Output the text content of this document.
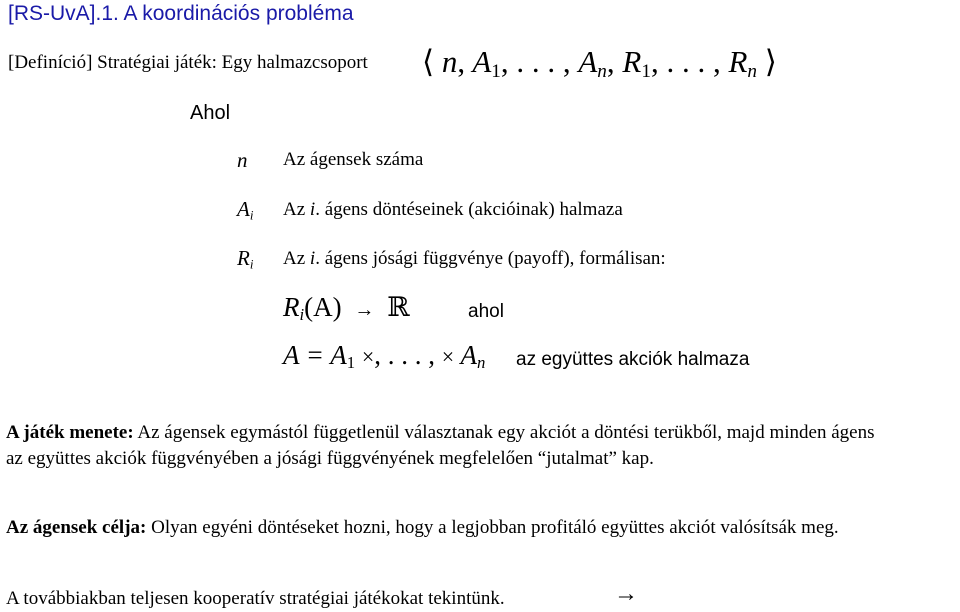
[RS-UvA].1. A koordinációs probléma
[Definíció] Stratégiai játék: Egy halmazcsoport ⟨ n, $A_1$, . . . , $A_n$, $R_1$, . . . , $R_n$ ⟩
Ahol
n Az ágensek száma
$A_i$ Az i. ágens döntéseinek (akcióinak) halmaza
$R_i$ Az i. ágens jósági függvénye (payoff), formálisan:
$R_i(A)$ → ℝ	ahol
$A = A_1$ ×, . . . , × $A_n$ az együttes akciók halmaza
A játék menete: Az ágensek egymástól függetlenül választanak egy akciót a döntési terükből, majd minden ágens
az együttes akciók függvényében a jósági függvényének megfelelően “jutalmat” kap.
Az ágensek célja: Olyan egyéni döntéseket hozni, hogy a legjobban profitáló együttes akciót valósítsák meg.
A továbbiakban teljesen kooperatív stratégiai játékokat tekintünk.	→
